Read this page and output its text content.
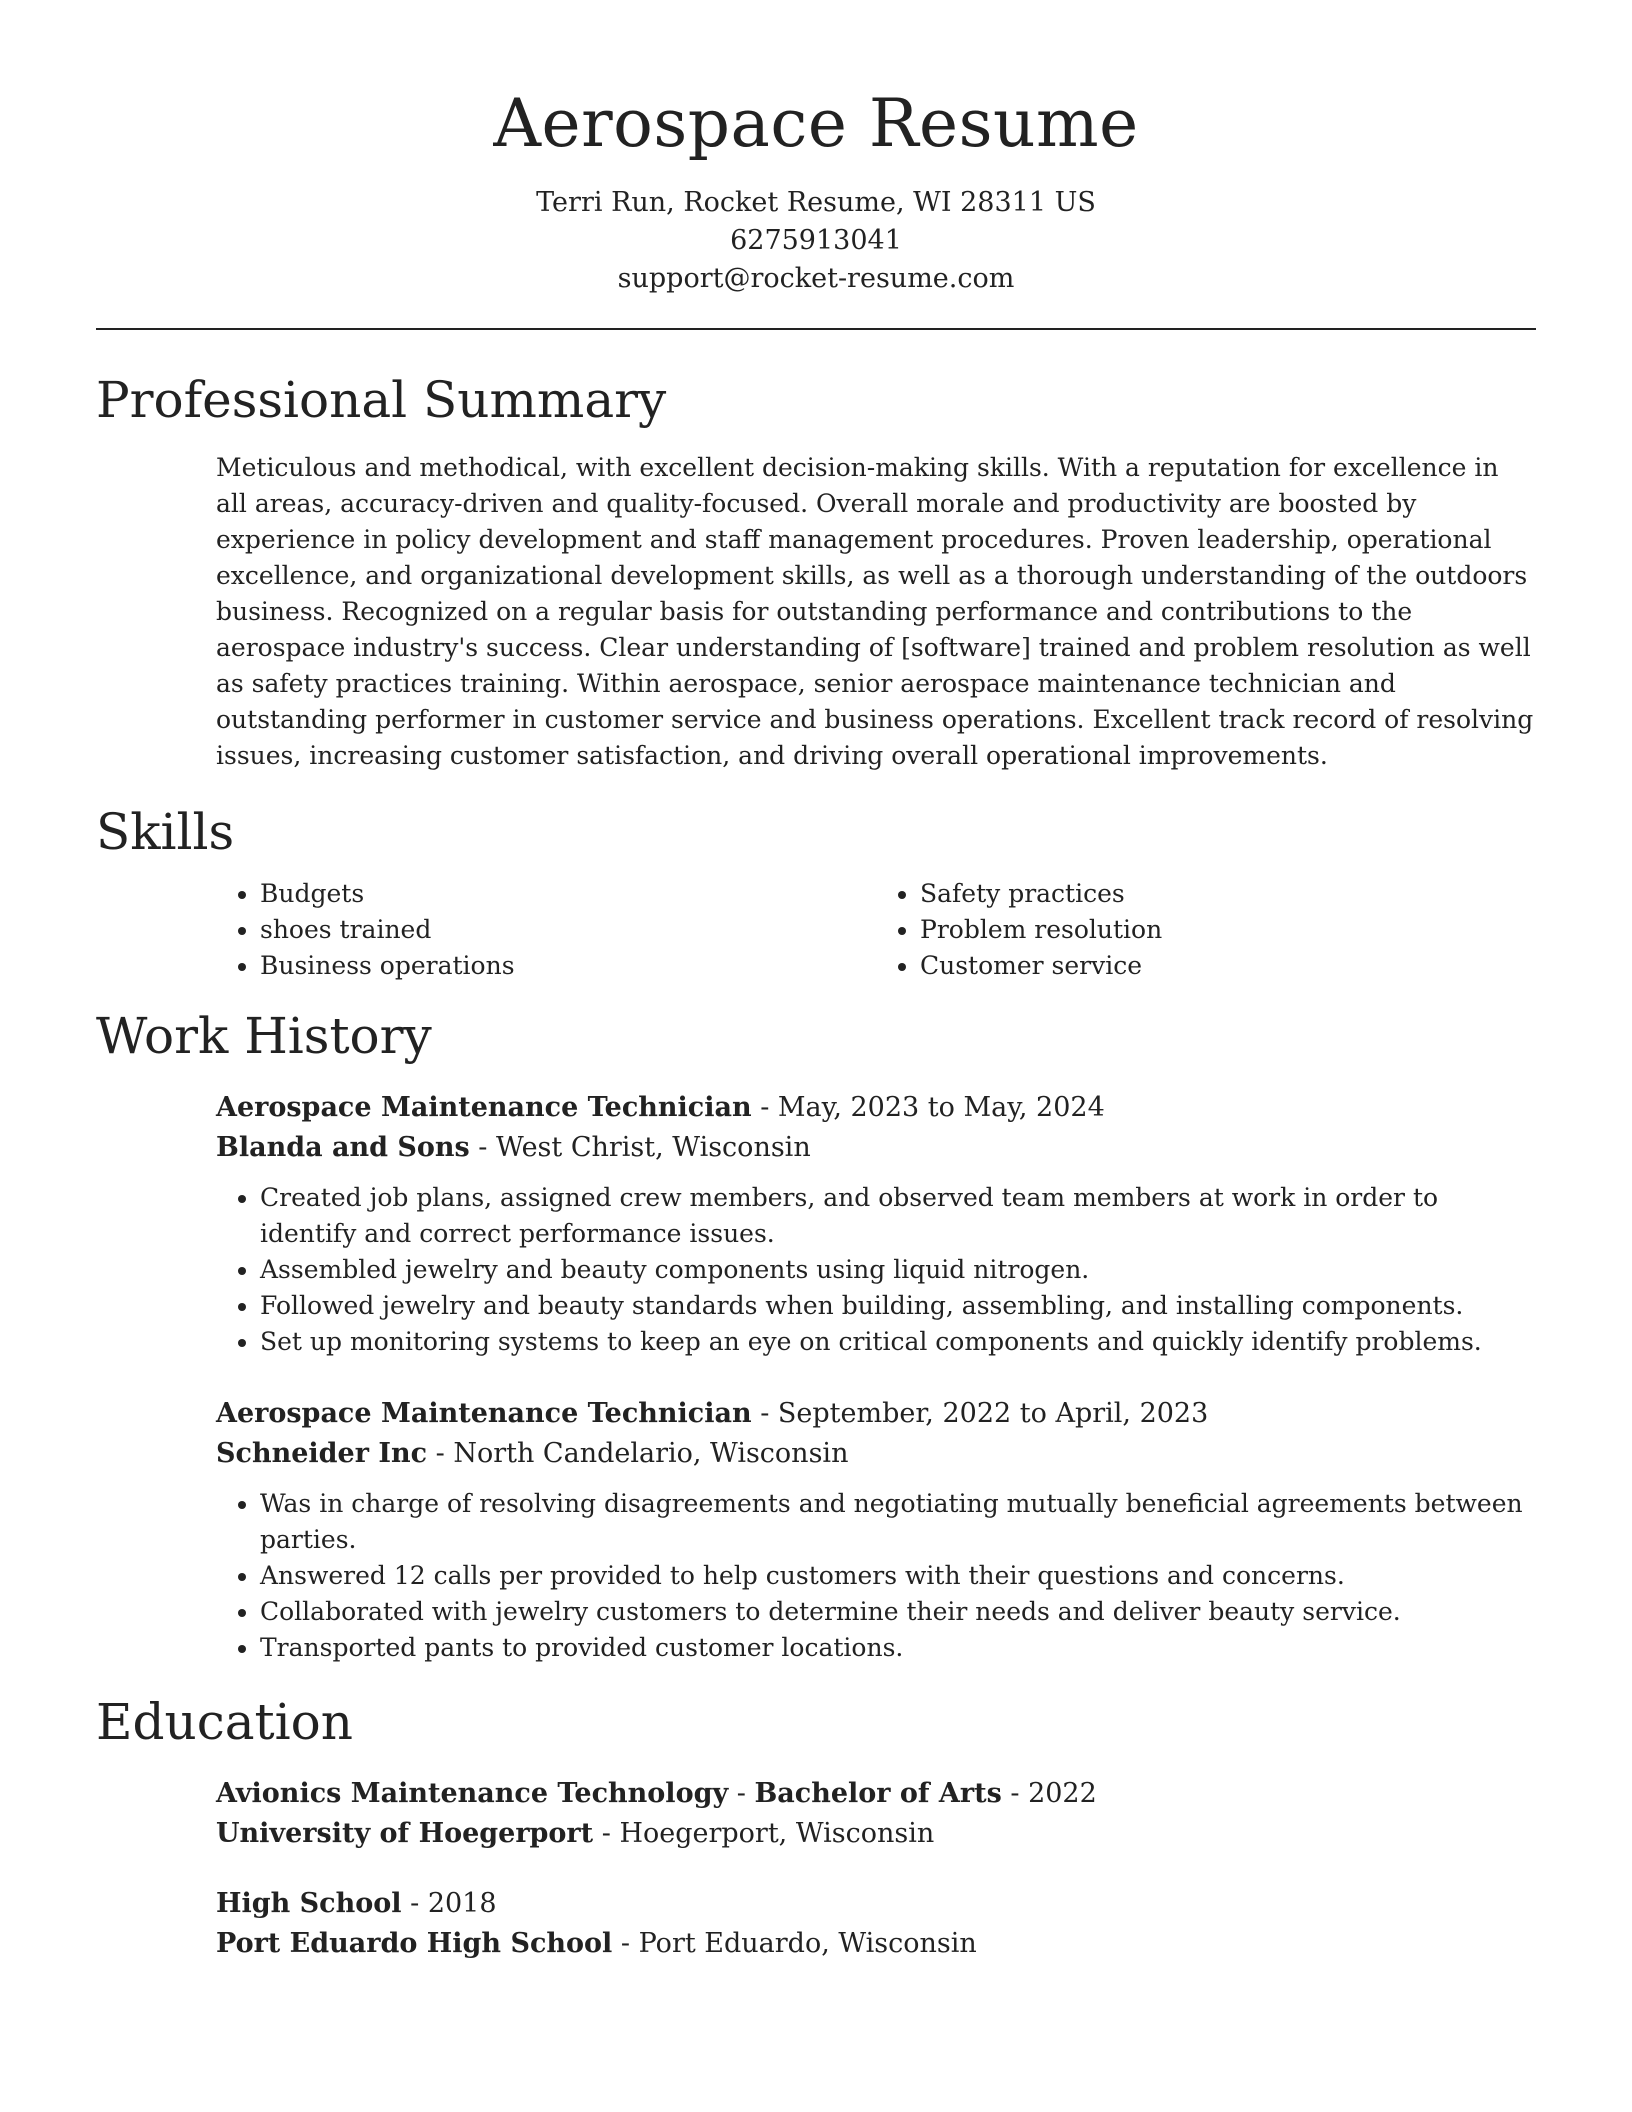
Aerospace Resume
Terri Run, Rocket Resume, WI 28311 US
6275913041
support@rocket-resume.com
Professional Summary

Meticulous and methodical, with excellent decision-making skills. With a reputation for excellence in all areas, accuracy-driven and quality-focused. Overall morale and productivity are boosted by experience in policy development and staff management procedures. Proven leadership, operational excellence, and organizational development skills, as well as a thorough understanding of the outdoors business. Recognized on a regular basis for outstanding performance and contributions to the aerospace industry's success. Clear understanding of [software] trained and problem resolution as well as safety practices training. Within aerospace, senior aerospace maintenance technician and outstanding performer in customer service and business operations. Excellent track record of resolving issues, increasing customer satisfaction, and driving overall operational improvements.

Skills
• Budgets
• shoes trained
• Business operations
• Safety practices
• Problem resolution
• Customer service
Work History
Aerospace Maintenance Technician - May, 2023 to May, 2024
Blanda and Sons - West Christ, Wisconsin
• Created job plans, assigned crew members, and observed team members at work in order to identify and correct performance issues.
• Assembled jewelry and beauty components using liquid nitrogen.
• Followed jewelry and beauty standards when building, assembling, and installing components.
• Set up monitoring systems to keep an eye on critical components and quickly identify problems.
Aerospace Maintenance Technician - September, 2022 to April, 2023
Schneider Inc - North Candelario, Wisconsin
• Was in charge of resolving disagreements and negotiating mutually beneficial agreements between parties.
• Answered 12 calls per provided to help customers with their questions and concerns.
• Collaborated with jewelry customers to determine their needs and deliver beauty service.
• Transported pants to provided customer locations.
Education
Avionics Maintenance Technology - Bachelor of Arts - 2022
University of Hoegerport - Hoegerport, Wisconsin
High School - 2018
Port Eduardo High School - Port Eduardo, Wisconsin
